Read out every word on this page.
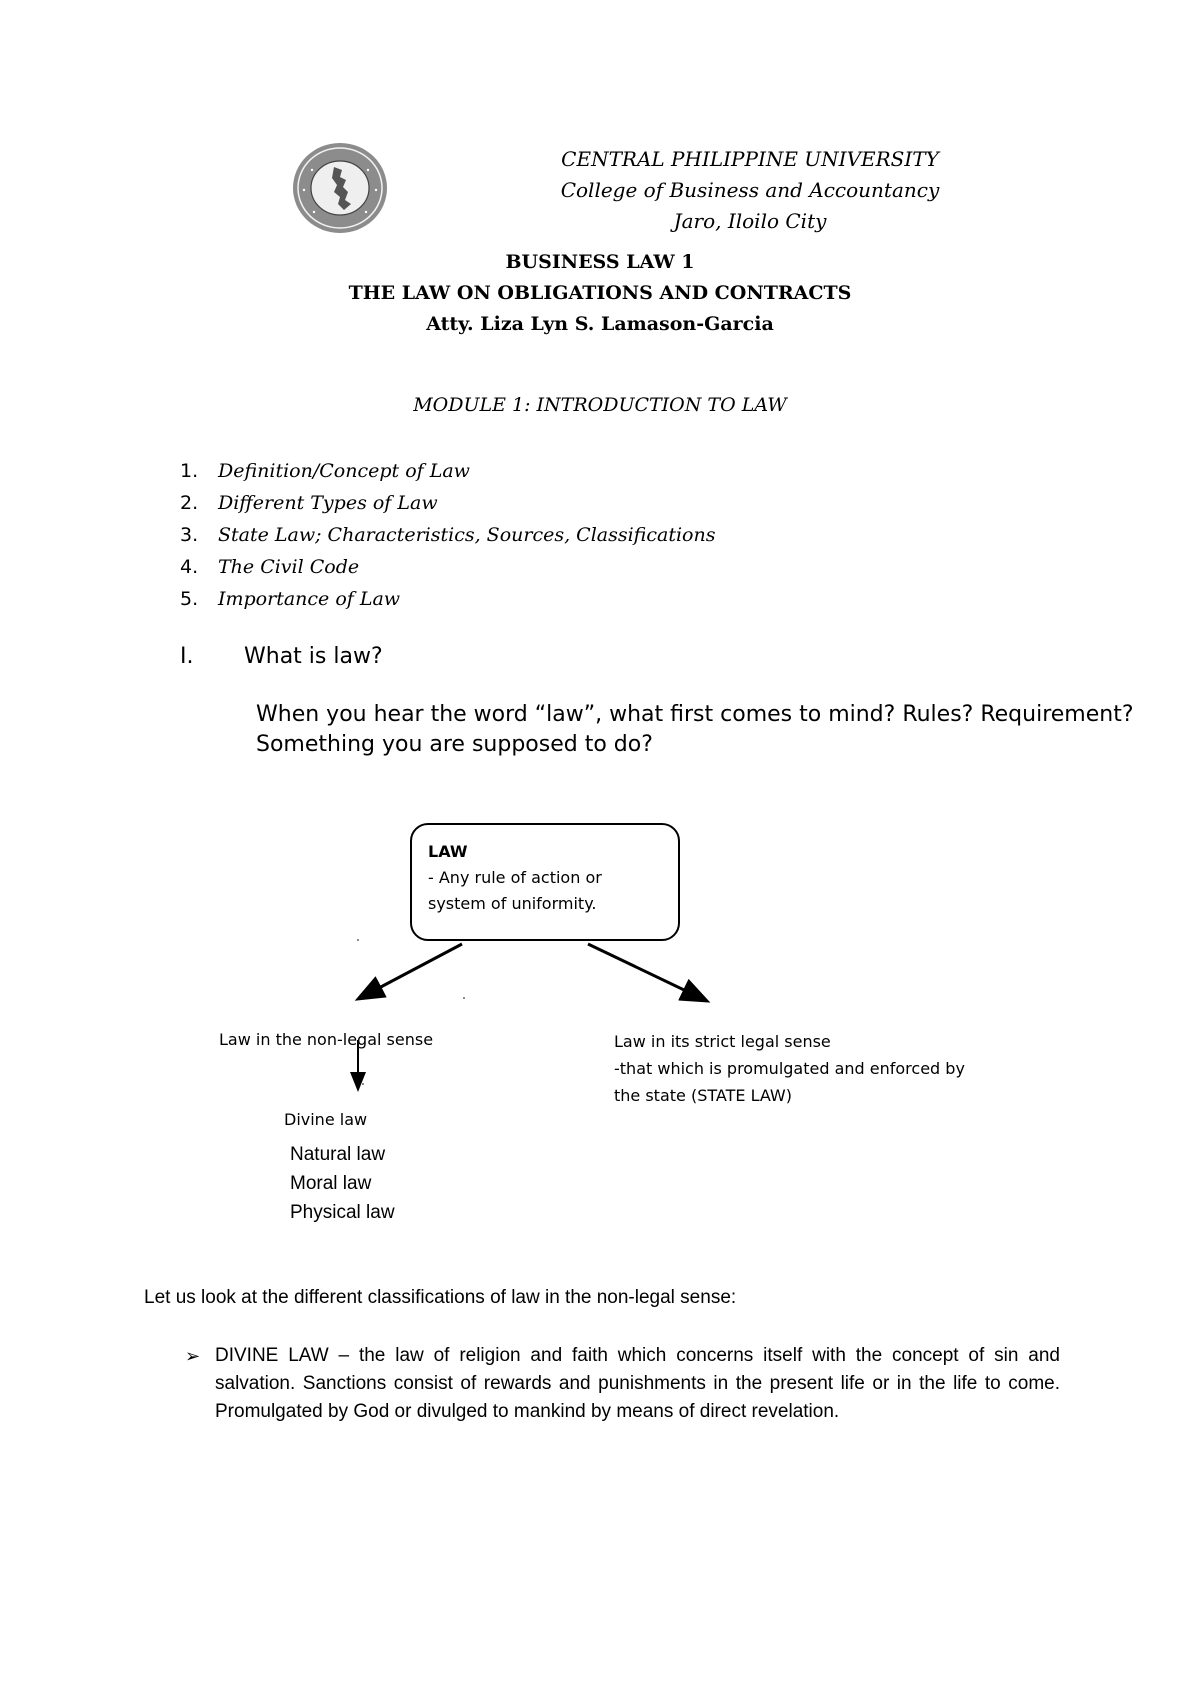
CENTRAL PHILIPPINE UNIVERSITY
College of Business and Accountancy
Jaro, Iloilo City
BUSINESS LAW 1
THE LAW ON OBLIGATIONS AND CONTRACTS
Atty. Liza Lyn S. Lamason-Garcia
MODULE 1: INTRODUCTION TO LAW
1. Definition/Concept of Law
2. Different Types of Law
3. State Law; Characteristics, Sources, Classifications
4. The Civil Code
5. Importance of Law
I. What is law?
When you hear the word “law”, what first comes to mind? Rules? Requirement? Something you are supposed to do?
LAW
- Any rule of action or
system of uniformity.
Law in the non-legal sense	Law in its strict legal sense
-that which is promulgated and enforced by
the state (STATE LAW)
Divine law
Natural law
Moral law
Physical law
Let us look at the different classifications of law in the non-legal sense:
➢ DIVINE LAW – the law of religion and faith which concerns itself with the concept of sin and salvation. Sanctions consist of rewards and punishments in the present life or in the life to come. Promulgated by God or divulged to mankind by means of direct revelation.
